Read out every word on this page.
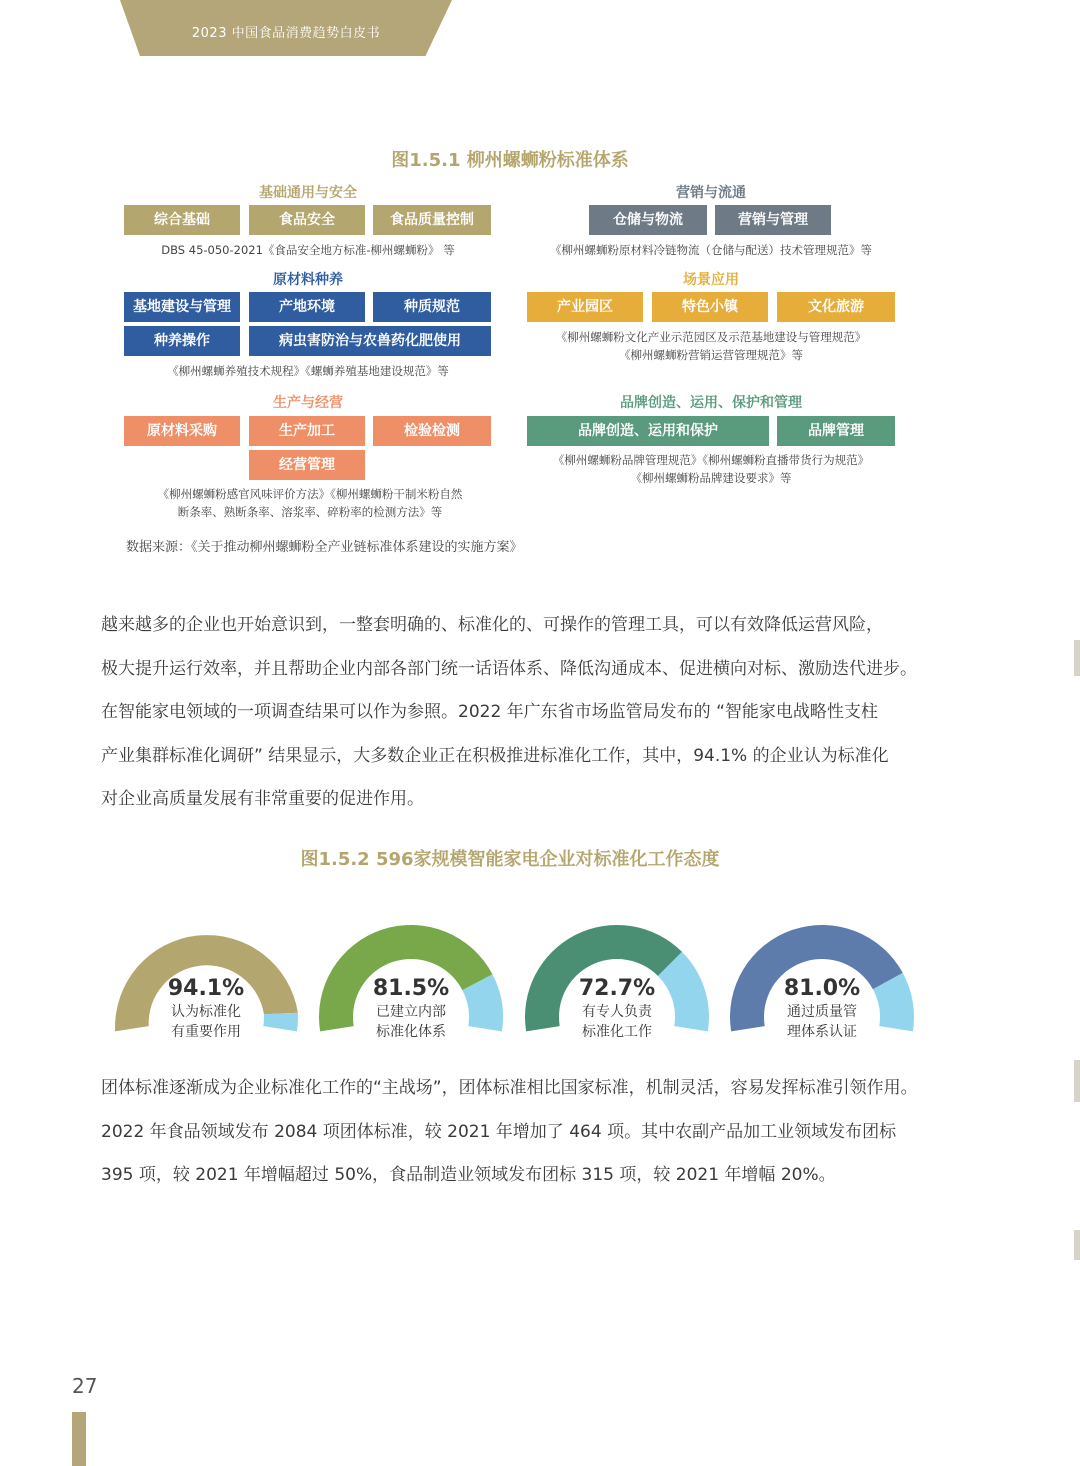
2023 中国食品消费趋势白皮书
图1.5.1 柳州螺蛳粉标准体系
基础通用与安全
综合基础	食品安全	食品质量控制
DBS 45-050-2021《食品安全地方标准-柳州螺蛳粉》 等
原材料种养
基地建设与管理	产地环境	种质规范
种养操作	病虫害防治与农兽药化肥使用
《柳州螺蛳养殖技术规程》《螺蛳养殖基地建设规范》等
生产与经营
原材料采购	生产加工	检验检测
经营管理
《柳州螺蛳粉感官风味评价方法》《柳州螺蛳粉干制米粉自然
断条率、熟断条率、溶浆率、碎粉率的检测方法》等
营销与流通
仓储与物流	营销与管理
《柳州螺蛳粉原材料冷链物流（仓储与配送）技术管理规范》等
场景应用
产业园区	特色小镇	文化旅游
《柳州螺蛳粉文化产业示范园区及示范基地建设与管理规范》
《柳州螺蛳粉营销运营管理规范》等
品牌创造、运用、保护和管理
品牌创造、运用和保护	品牌管理
《柳州螺蛳粉品牌管理规范》《柳州螺蛳粉直播带货行为规范》
《柳州螺蛳粉品牌建设要求》等
数据来源：《关于推动柳州螺蛳粉全产业链标准体系建设的实施方案》

越来越多的企业也开始意识到，一整套明确的、标准化的、可操作的管理工具，可以有效降低运营风险，

极大提升运行效率，并且帮助企业内部各部门统一话语体系、降低沟通成本、促进横向对标、激励迭代进步。

在智能家电领域的一项调查结果可以作为参照。2022 年广东省市场监管局发布的 “智能家电战略性支柱

产业集群标准化调研” 结果显示，大多数企业正在积极推进标准化工作，其中，94.1% 的企业认为标准化

对企业高质量发展有非常重要的促进作用。

图1.5.2 596家规模智能家电企业对标准化工作态度
94.1%
认为标准化
有重要作用
81.5%
已建立内部
标准化体系
72.7%
有专人负责
标准化工作
81.0%
通过质量管
理体系认证

团体标准逐渐成为企业标准化工作的“主战场”，团体标准相比国家标准，机制灵活，容易发挥标准引领作用。

2022 年食品领域发布 2084 项团体标准，较 2021 年增加了 464 项。其中农副产品加工业领域发布团标

395 项，较 2021 年增幅超过 50%，食品制造业领域发布团标 315 项，较 2021 年增幅 20%。

27
